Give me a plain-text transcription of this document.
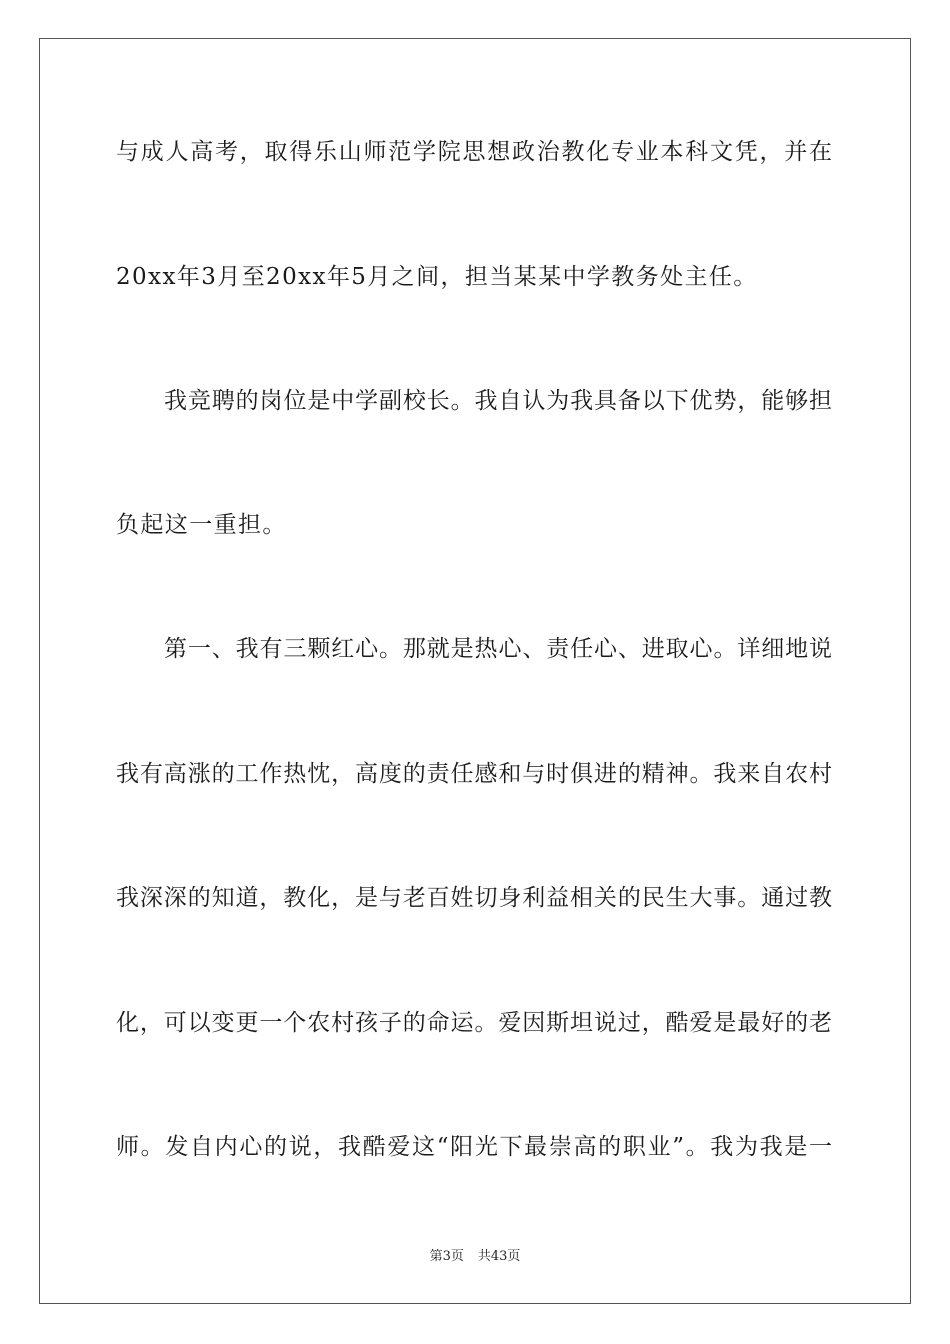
与成人高考，取得乐山师范学院思想政治教化专业本科文凭，并在
20xx年3月至20xx年5月之间，担当某某中学教务处主任。
我竞聘的岗位是中学副校长。我自认为我具备以下优势，能够担
负起这一重担。
第一、我有三颗红心。那就是热心、责任心、进取心。详细地说
我有高涨的工作热忱，高度的责任感和与时俱进的精神。我来自农村
我深深的知道，教化，是与老百姓切身利益相关的民生大事。通过教
化，可以变更一个农村孩子的命运。爱因斯坦说过，酷爱是最好的老
师。发自内心的说，我酷爱这“阳光下最崇高的职业”。我为我是一
第3页 共43页
